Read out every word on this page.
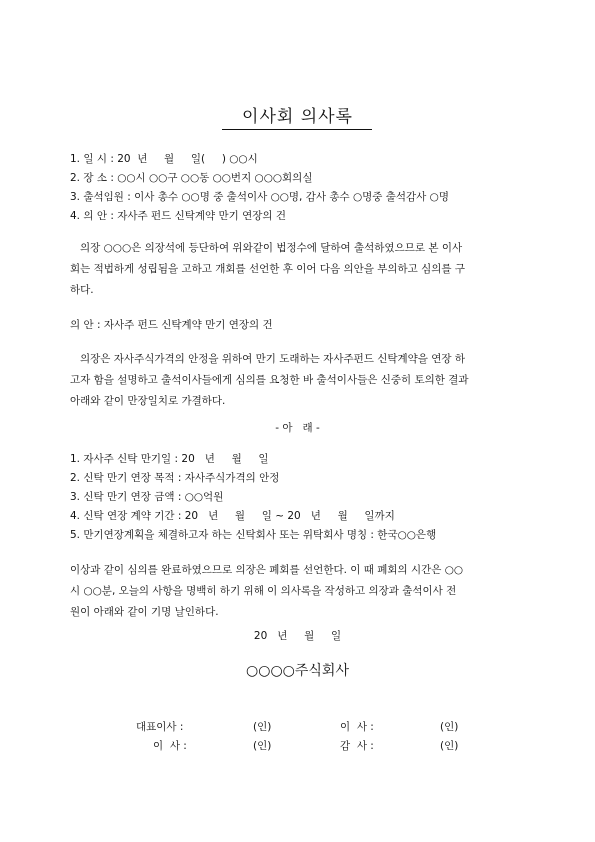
이사회 의사록
1. 일 시 : 20  년     월     일(     ) ○○시
2. 장 소 : ○○시 ○○구 ○○동 ○○번지 ○○○회의실
3. 출석임원 : 이사 총수 ○○명 중 출석이사 ○○명, 감사 총수 ○명중 출석감사 ○명
4. 의 안 : 자사주 펀드 신탁계약 만기 연장의 건
의장 ○○○은 의장석에 등단하여 위와같이 법정수에 달하여 출석하였으므로 본 이사
회는 적법하게 성립됨을 고하고 개회를 선언한 후 이어 다음 의안을 부의하고 심의를 구
하다.
의 안 : 자사주 펀드 신탁계약 만기 연장의 건
의장은 자사주식가격의 안정을 위하여 만기 도래하는 자사주펀드 신탁계약을 연장 하
고자 함을 설명하고 출석이사들에게 심의를 요청한 바 출석이사들은 신중히 토의한 결과
아래와 같이 만장일치로 가결하다.
- 아   래 -
1. 자사주 신탁 만기일 : 20   년     월     일
2. 신탁 만기 연장 목적 : 자사주식가격의 안정
3. 신탁 만기 연장 금액 : ○○억원
4. 신탁 연장 계약 기간 : 20   년     월     일 ~ 20   년     월     일까지
5. 만기연장계획을 체결하고자 하는 신탁회사 또는 위탁회사 명칭 : 한국○○은행
이상과 같이 심의를 완료하였으므로 의장은 폐회를 선언한다. 이 때 폐회의 시간은 ○○
시 ○○분, 오늘의 사항을 명백히 하기 위해 이 의사록을 작성하고 의장과 출석이사 전
원이 아래와 같이 기명 날인하다.
20   년     월     일
○○○○주식회사
대표이사 :	(인)	이  사 :	(인)
이  사 :	(인)	감  사 :	(인)
